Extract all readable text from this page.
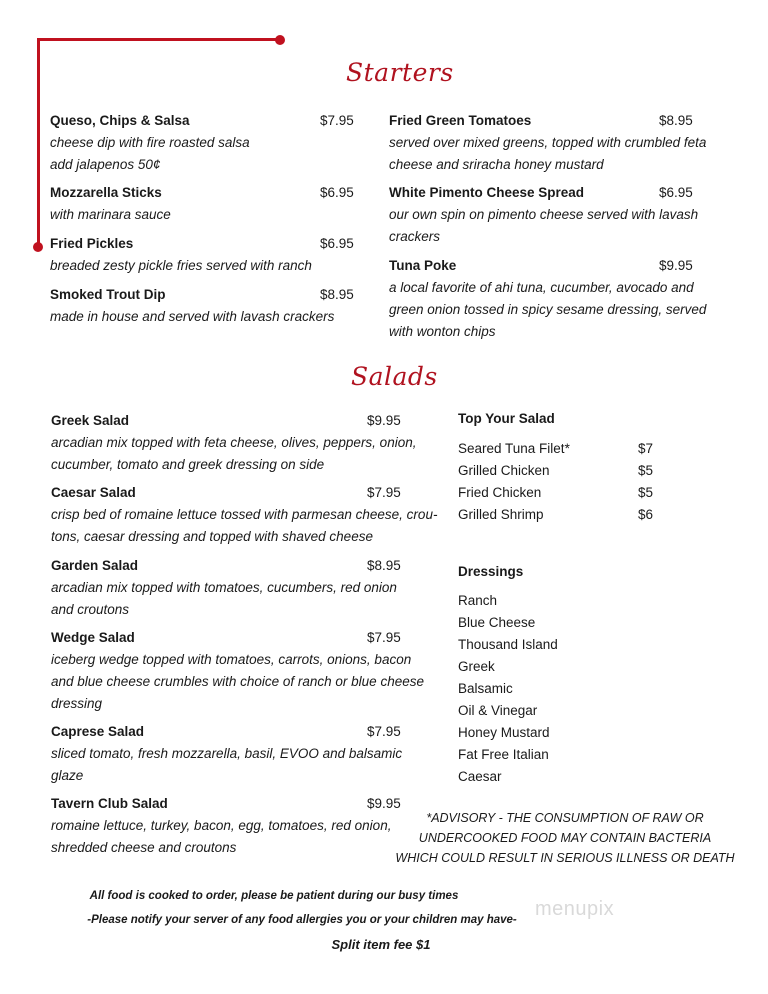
Starters
Queso, Chips & Salsa	$7.95
cheese dip with fire roasted salsa
add jalapenos 50¢
Mozzarella Sticks	$6.95
with marinara sauce
Fried Pickles	$6.95
breaded zesty pickle fries served with ranch
Smoked Trout Dip	$8.95
made in house and served with lavash crackers
Fried Green Tomatoes	$8.95
served over mixed greens, topped with crumbled feta
cheese and sriracha honey mustard
White Pimento Cheese Spread	$6.95
our own spin on pimento cheese served with lavash
crackers
Tuna Poke	$9.95
a local favorite of ahi tuna, cucumber, avocado and
green onion tossed in spicy sesame dressing, served
with wonton chips
Salads
Greek Salad	$9.95
arcadian mix topped with feta cheese, olives, peppers, onion,
cucumber, tomato and greek dressing on side
Caesar Salad	$7.95
crisp bed of romaine lettuce tossed with parmesan cheese, crou-
tons, caesar dressing and topped with shaved cheese
Garden Salad	$8.95
arcadian mix topped with tomatoes, cucumbers, red onion
and croutons
Wedge Salad	$7.95
iceberg wedge topped with tomatoes, carrots, onions, bacon
and blue cheese crumbles with choice of ranch or blue cheese
dressing
Caprese Salad	$7.95
sliced tomato, fresh mozzarella, basil, EVOO and balsamic
glaze
Tavern Club Salad	$9.95
romaine lettuce, turkey, bacon, egg, tomatoes, red onion,
shredded cheese and croutons
Top Your Salad
Seared Tuna Filet*	$7
Grilled Chicken	$5
Fried Chicken	$5
Grilled Shrimp	$6
Dressings
Ranch
Blue Cheese
Thousand Island
Greek
Balsamic
Oil & Vinegar
Honey Mustard
Fat Free Italian
Caesar
*ADVISORY - THE CONSUMPTION OF RAW OR
UNDERCOOKED FOOD MAY CONTAIN BACTERIA
WHICH COULD RESULT IN SERIOUS ILLNESS OR DEATH
All food is cooked to order, please be patient during our busy times
-Please notify your server of any food allergies you or your children may have-
Split item fee $1
menupix
